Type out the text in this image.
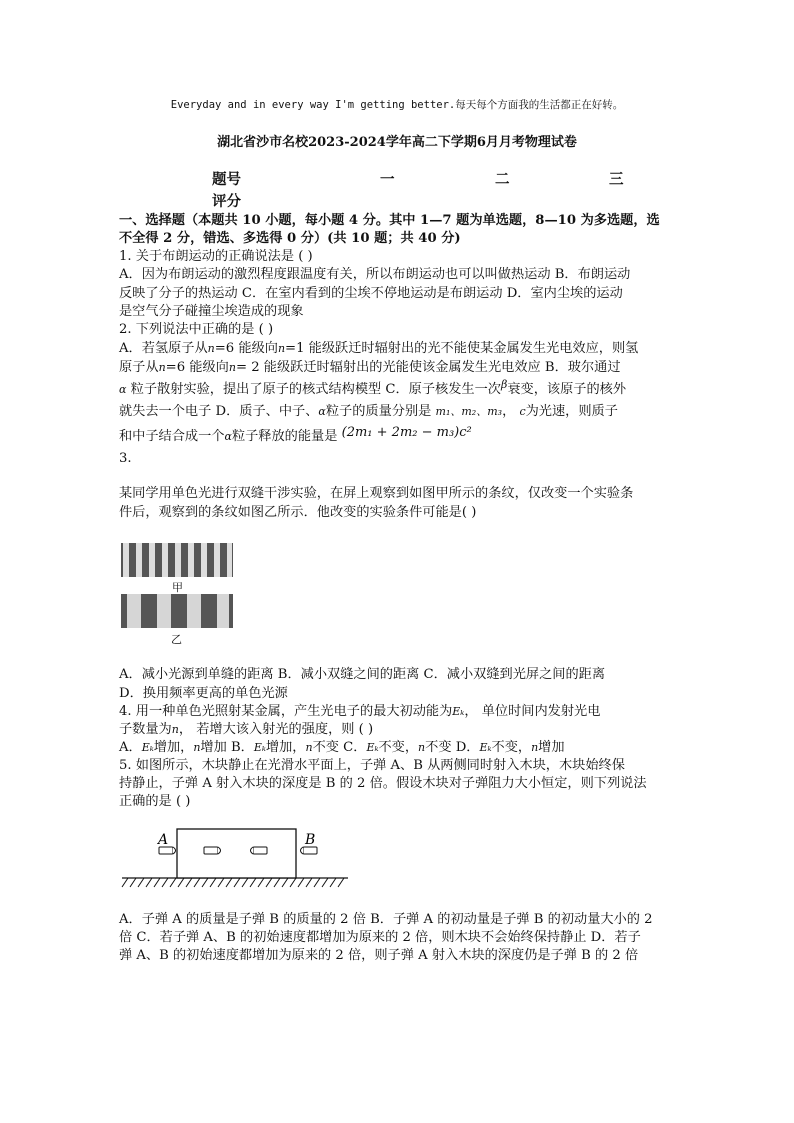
Everyday and in every way I'm getting better.每天每个方面我的生活都正在好转。
湖北省沙市名校2023-2024学年高二下学期6月月考物理试卷
题号	一	二	三
评分
一、选择题（本题共 10 小题，每小题 4 分。其中 1—7 题为单选题，8—10 为多选题，选
不全得 2 分，错选、多选得 0 分）(共 10 题；共 40 分)
1. 关于布朗运动的正确说法是 ( )
A．因为布朗运动的激烈程度跟温度有关，所以布朗运动也可以叫做热运动 B．布朗运动
反映了分子的热运动 C．在室内看到的尘埃不停地运动是布朗运动 D．室内尘埃的运动
是空气分子碰撞尘埃造成的现象
2. 下列说法中正确的是 ( )
A．若氢原子从n=6 能级向n=1 能级跃迁时辐射出的光不能使某金属发生光电效应，则氢
原子从n=6 能级向n= 2 能级跃迁时辐射出的光能使该金属发生光电效应 B．玻尔通过
α 粒子散射实验，提出了原子的核式结构模型 C．原子核发生一次$^\beta$衰变，该原子的核外
就失去一个电子 D．质子、中子、α粒子的质量分别是 m₁、m₂、m₃， c为光速，则质子
和中子结合成一个α粒子释放的能量是 (2m₁ + 2m₂ − m₃)c²
3.
某同学用单色光进行双缝干涉实验，在屏上观察到如图甲所示的条纹，仅改变一个实验条
件后，观察到的条纹如图乙所示．他改变的实验条件可能是( )
甲
乙
A．减小光源到单缝的距离 B．减小双缝之间的距离 C．减小双缝到光屏之间的距离
D．换用频率更高的单色光源
4. 用一种单色光照射某金属，产生光电子的最大初动能为Eₖ， 单位时间内发射光电
子数量为n， 若增大该入射光的强度，则 ( )
A．Eₖ增加，n增加 B．Eₖ增加，n不变 C．Eₖ不变，n不变 D．Eₖ不变，n增加
5. 如图所示，木块静止在光滑水平面上，子弹 A、B 从两侧同时射入木块，木块始终保
持静止，子弹 A 射入木块的深度是 B 的 2 倍。假设木块对子弹阻力大小恒定，则下列说法
正确的是 ( )
A	B
A．子弹 A 的质量是子弹 B 的质量的 2 倍 B．子弹 A 的初动量是子弹 B 的初动量大小的 2
倍 C．若子弹 A、B 的初始速度都增加为原来的 2 倍，则木块不会始终保持静止 D．若子
弹 A、B 的初始速度都增加为原来的 2 倍，则子弹 A 射入木块的深度仍是子弹 B 的 2 倍
